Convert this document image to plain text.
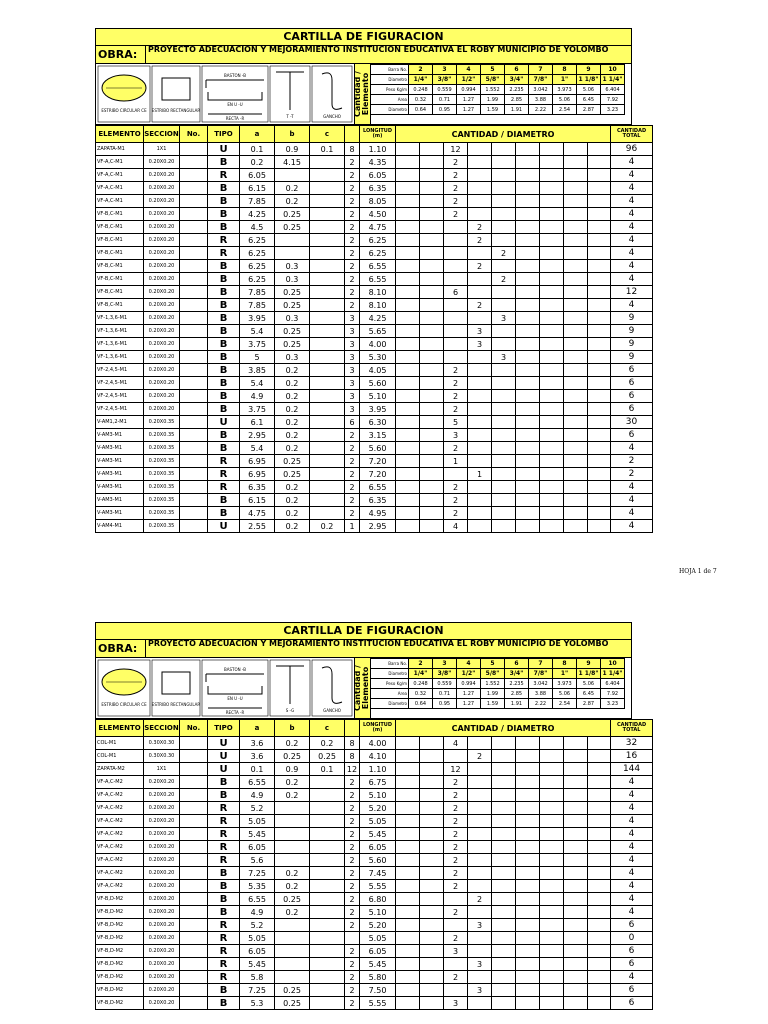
CARTILLA DE FIGURACION
OBRA:	PROYECTO ADECUACION Y MEJORAMIENTO INSTITUCION EDUCATIVA EL ROBY MUNICIPIO DE YOLOMBO
ESTRIBO CIRCULAR CE ESTRIBO RECTANGULAR
BASTON -B
EN U -U
RECTA -R	T -T	GANCHO Cantidad / Elemento
Barra No.	2	3	4	5	6	7	8	9	10
Diametro	1/4"	3/8"	1/2"	5/8"	3/4"	7/8"	1"	1 1/8"	1 1/4"
Peso Kg/m	0.248	0.559	0.994	1.552	2.235	3.042	3.973	5.06	6.404
Area	0.32	0.71	1.27	1.99	2.85	3.88	5.06	6.45	7.92
Diametro	0.64	0.95	1.27	1.59	1.91	2.22	2.54	2.87	3.23
ELEMENTO	SECCION	No.	TIPO	a	b	c		LONGITUD (m)	CANTIDAD / DIAMETRO									CANTIDAD TOTAL
ZAPATA-M1	1X1		U	0.1	0.9	0.1	8	1.10			12							96
VF-A,C-M1	0.20X0.20		B	0.2	4.15		2	4.35			2							4
VF-A,C-M1	0.20X0.20		R	6.05			2	6.05			2							4
VF-A,C-M1	0.20X0.20		B	6.15	0.2		2	6.35			2							4
VF-A,C-M1	0.20X0.20		B	7.85	0.2		2	8.05			2							4
VF-B,C-M1	0.20X0.20		B	4.25	0.25		2	4.50			2							4
VF-B,C-M1	0.20X0.20		B	4.5	0.25		2	4.75				2						4
VF-B,C-M1	0.20X0.20		R	6.25			2	6.25				2						4
VF-B,C-M1	0.20X0.20		R	6.25			2	6.25					2					4
VF-B,C-M1	0.20X0.20		B	6.25	0.3		2	6.55				2						4
VF-B,C-M1	0.20X0.20		B	6.25	0.3		2	6.55					2					4
VF-B,C-M1	0.20X0.20		B	7.85	0.25		2	8.10			6							12
VF-B,C-M1	0.20X0.20		B	7.85	0.25		2	8.10				2						4
VF-1,3,6-M1	0.20X0.20		B	3.95	0.3		3	4.25					3					9
VF-1,3,6-M1	0.20X0.20		B	5.4	0.25		3	5.65				3						9
VF-1,3,6-M1	0.20X0.20		B	3.75	0.25		3	4.00				3						9
VF-1,3,6-M1	0.20X0.20		B	5	0.3		3	5.30					3					9
VF-2,4,5-M1	0.20X0.20		B	3.85	0.2		3	4.05			2							6
VF-2,4,5-M1	0.20X0.20		B	5.4	0.2		3	5.60			2							6
VF-2,4,5-M1	0.20X0.20		B	4.9	0.2		3	5.10			2							6
VF-2,4,5-M1	0.20X0.20		B	3.75	0.2		3	3.95			2							6
V-AM1,2-M1	0.20X0.35		U	6.1	0.2		6	6.30			5							30
V-AM3-M1	0.20X0.35		B	2.95	0.2		2	3.15			3							6
V-AM3-M1	0.20X0.35		B	5.4	0.2		2	5.60			2							4
V-AM3-M1	0.20X0.35		R	6.95	0.25		2	7.20			1							2
V-AM3-M1	0.20X0.35		R	6.95	0.25		2	7.20				1						2
V-AM3-M1	0.20X0.35		R	6.35	0.2		2	6.55			2							4
V-AM3-M1	0.20X0.35		B	6.15	0.2		2	6.35			2							4
V-AM3-M1	0.20X0.35		B	4.75	0.2		2	4.95			2							4
V-AM4-M1	0.20X0.35		U	2.55	0.2	0.2	1	2.95			4							4
HOJA 1 de 7
CARTILLA DE FIGURACION
OBRA:	PROYECTO ADECUACION Y MEJORAMIENTO INSTITUCION EDUCATIVA EL ROBY MUNICIPIO DE YOLOMBO
ESTRIBO CIRCULAR CE ESTRIBO RECTANGULAR
BASTON -B
EN U -U
RECTA -R	S -G	GANCHO Cantidad / Elemento
Barra No.	2	3	4	5	6	7	8	9	10
Diametro	1/4"	3/8"	1/2"	5/8"	3/4"	7/8"	1"	1 1/8"	1 1/4"
Peso Kg/m	0.248	0.559	0.994	1.552	2.235	3.042	3.973	5.06	6.404
Area	0.32	0.71	1.27	1.99	2.85	3.88	5.06	6.45	7.92
Diametro	0.64	0.95	1.27	1.59	1.91	2.22	2.54	2.87	3.23
ELEMENTO	SECCION	No.	TIPO	a	b	c		LONGITUD (m)	CANTIDAD / DIAMETRO									CANTIDAD TOTAL
COL-M1	0.30X0.30		U	3.6	0.2	0.2	8	4.00			4							32
COL-M1	0.30X0.30		U	3.6	0.25	0.25	8	4.10				2						16
ZAPATA-M2	1X1		U	0.1	0.9	0.1	12	1.10			12							144
VF-A,C-M2	0.20X0.20		B	6.55	0.2		2	6.75			2							4
VF-A,C-M2	0.20X0.20		B	4.9	0.2		2	5.10			2							4
VF-A,C-M2	0.20X0.20		R	5.2			2	5.20			2							4
VF-A,C-M2	0.20X0.20		R	5.05			2	5.05			2							4
VF-A,C-M2	0.20X0.20		R	5.45			2	5.45			2							4
VF-A,C-M2	0.20X0.20		R	6.05			2	6.05			2							4
VF-A,C-M2	0.20X0.20		R	5.6			2	5.60			2							4
VF-A,C-M2	0.20X0.20		B	7.25	0.2		2	7.45			2							4
VF-A,C-M2	0.20X0.20		B	5.35	0.2		2	5.55			2							4
VF-B,D-M2	0.20X0.20		B	6.55	0.25		2	6.80				2						4
VF-B,D-M2	0.20X0.20		B	4.9	0.2		2	5.10			2							4
VF-B,D-M2	0.20X0.20		R	5.2			2	5.20				3						6
VF-B,D-M2	0.20X0.20		R	5.05				5.05			2							0
VF-B,D-M2	0.20X0.20		R	6.05			2	6.05			3							6
VF-B,D-M2	0.20X0.20		R	5.45			2	5.45				3						6
VF-B,D-M2	0.20X0.20		R	5.8			2	5.80			2							4
VF-B,D-M2	0.20X0.20		B	7.25	0.25		2	7.50				3						6
VF-B,D-M2	0.20X0.20		B	5.3	0.25		2	5.55			3							6
